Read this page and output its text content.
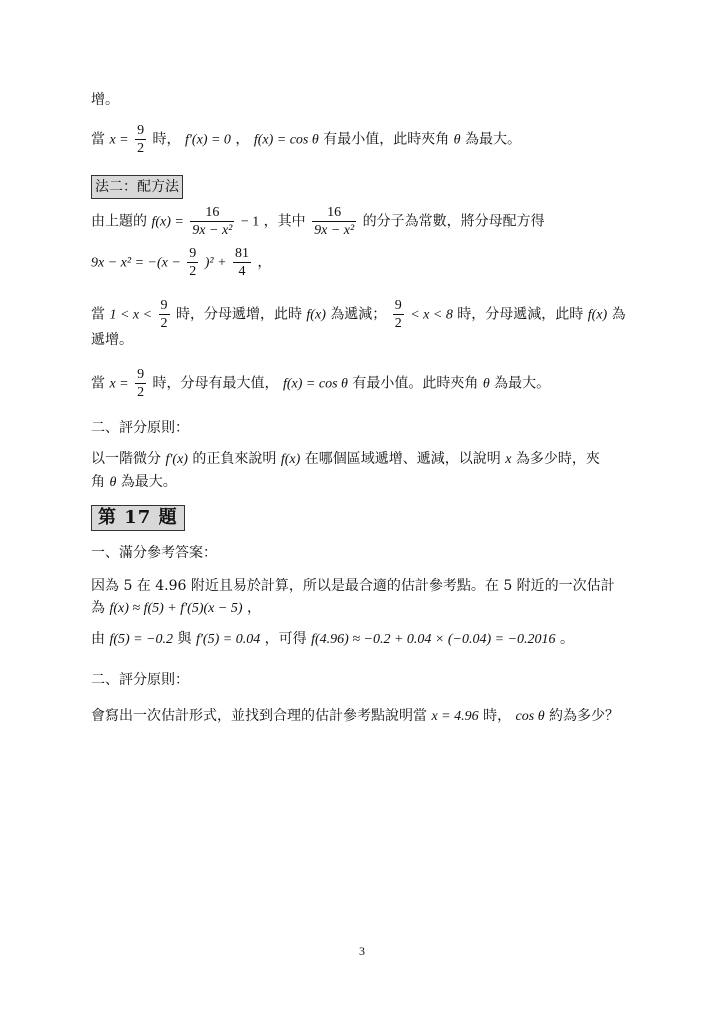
增。
當 $x = \frac{9}{2}$ 時， f′(x) = 0 ， f(x) = cos θ 有最小值，此時夾角 θ 為最大。
法二：配方法
由上題的 $f(x) = \frac{16}{\text{9x − x²}} - 1$ ，其中 $\frac{16}{\text{9x − x²}}$ 的分子為常數，將分母配方得
$9x - x^2 = -(x - \frac{9}{2} )^2 + \frac{81}{4}$ ，
當 $1 < x < \frac{9}{2}$ 時，分母遞增，此時 f(x) 為遞減； $\frac{9}{2} < x < 8$ 時，分母遞減，此時 f(x) 為
遞增。
當 $x = \frac{9}{2}$ 時，分母有最大值， f(x) = cos θ 有最小值。此時夾角 θ 為最大。
二、評分原則：
以一階微分 f′(x) 的正負來說明 f(x) 在哪個區域遞增、遞減，以說明 x 為多少時，夾
角 θ 為最大。
第 17 題
一、滿分參考答案：
因為 5 在 4.96 附近且易於計算，所以是最合適的估計參考點。在 5 附近的一次估計
為 f(x) ≈ f(5) + f′(5)(x − 5) ，
由 f(5) = −0.2 與 f′(5) = 0.04 ，可得 f(4.96) ≈ −0.2 + 0.04 × (−0.04) = −0.2016 。
二、評分原則：
會寫出一次估計形式，並找到合理的估計參考點說明當 x = 4.96 時， cos θ 約為多少？
3
